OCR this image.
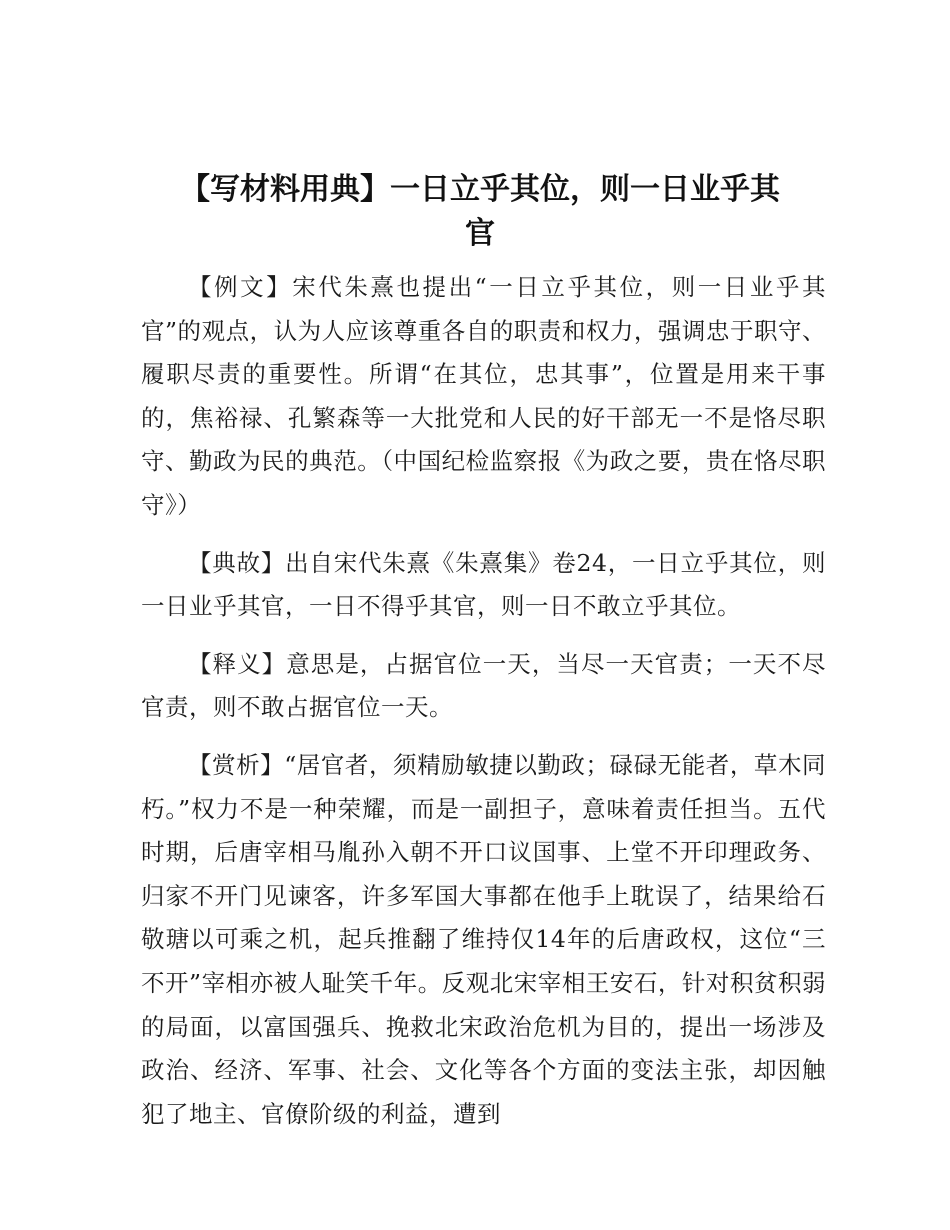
【写材料用典】一日立乎其位，则一日业乎其
官

【例文】宋代朱熹也提出“一日立乎其位，则一日业乎其官”的观点，认为人应该尊重各自的职责和权力，强调忠于职守、履职尽责的重要性。所谓“在其位，忠其事”，位置是用来干事的，焦裕禄、孔繁森等一大批党和人民的好干部无一不是恪尽职守、勤政为民的典范。（中国纪检监察报《为政之要，贵在恪尽职守》）

【典故】出自宋代朱熹《朱熹集》卷24，一日立乎其位，则一日业乎其官，一日不得乎其官，则一日不敢立乎其位。

【释义】意思是，占据官位一天，当尽一天官责；一天不尽官责，则不敢占据官位一天。

【赏析】“居官者，须精励敏捷以勤政；碌碌无能者，草木同朽。”权力不是一种荣耀，而是一副担子，意味着责任担当。五代时期，后唐宰相马胤孙入朝不开口议国事、上堂不开印理政务、归家不开门见谏客，许多军国大事都在他手上耽误了，结果给石敬瑭以可乘之机，起兵推翻了维持仅14年的后唐政权，这位“三不开”宰相亦被人耻笑千年。反观北宋宰相王安石，针对积贫积弱的局面，以富国强兵、挽救北宋政治危机为目的，提出一场涉及政治、经济、军事、社会、文化等各个方面的变法主张，却因触犯了地主、官僚阶级的利益，遭到
